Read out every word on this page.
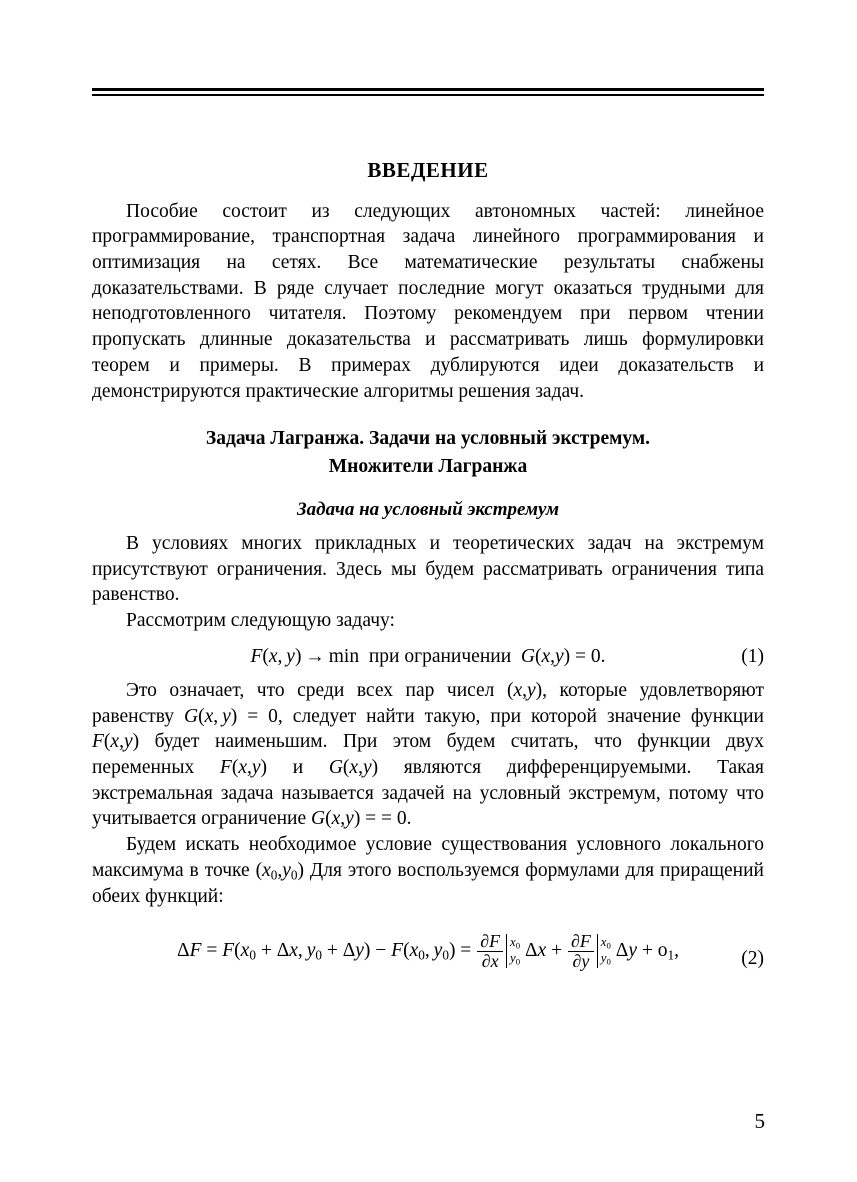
ВВЕДЕНИЕ

Пособие состоит из следующих автономных частей: линейное программирование, транспортная задача линейного программирования и оптимизация на сетях. Все математические результаты снабжены доказательствами. В ряде случает последние могут оказаться трудными для неподготовленного читателя. Поэтому рекомендуем при первом чтении пропускать длинные доказательства и рассматривать лишь формулировки теорем и примеры. В примерах дублируются идеи доказательств и демонстрируются практические алгоритмы решения задач.

Задача Лагранжа. Задачи на условный экстремум.
Множители Лагранжа
Задача на условный экстремум

В условиях многих прикладных и теоретических задач на экстремум присутствуют ограничения. Здесь мы будем рассматривать ограничения типа равенство.

Рассмотрим следующую задачу:

F(x, y) → min  при ограничении  G(x,y) = 0.	(1)

Это означает, что среди всех пар чисел (x,y), которые удовлетворяют равенству G(x, y) = 0, следует найти такую, при которой значение функции F(x,y) будет наименьшим. При этом будем считать, что функции двух переменных F(x,y) и G(x,y) являются дифференцируемыми. Такая экстремальная задача называется задачей на условный экстремум, потому что учитывается ограничение G(x,y) = = 0.

Будем искать необходимое условие существования условного локального максимума в точке $(x_0,y_0)$ Для этого воспользуемся формулами для приращений обеих функций:

$\Delta F = F(x_0 + \Delta x$, $y_0 + \Delta y) - F(x_0$, $y_0) = \frac{\partial F}{\partial x} x_0$
$y_0$
$\Delta x + \frac{\partial F}{\partial y} x_0$
$y_0$
$\Delta y + o_1$,	(2)
5
